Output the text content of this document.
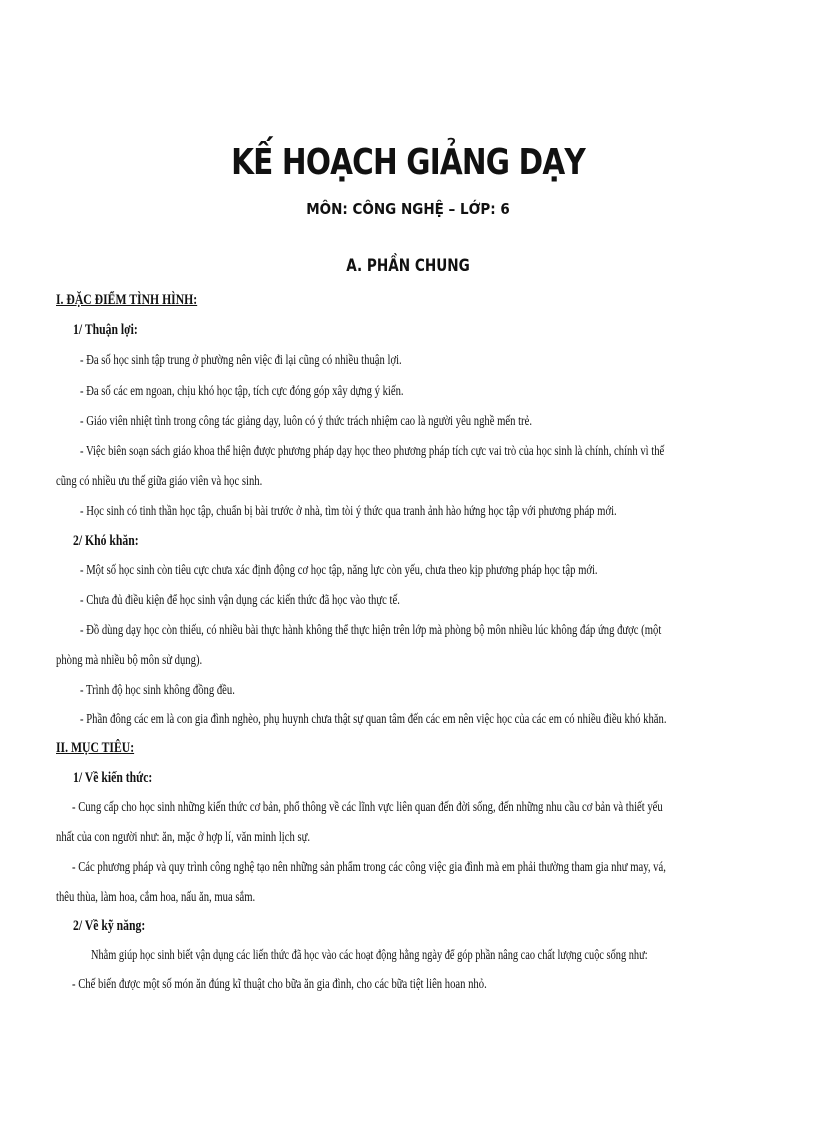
KẾ HOẠCH GIẢNG DẠY
MÔN: CÔNG NGHỆ – LỚP: 6
A. PHẦN CHUNG
I. ĐẶC ĐIỂM TÌNH HÌNH:
1/ Thuận lợi:
- Đa số học sinh tập trung ở phường nên việc đi lại cũng có nhiều thuận lợi.
- Đa số các em ngoan, chịu khó học tập, tích cực đóng góp xây dựng ý kiến.
- Giáo viên nhiệt tình trong công tác giảng dạy, luôn có ý thức trách nhiệm cao là người yêu nghề mến trẻ.
- Việc biên soạn sách giáo khoa thể hiện được phương pháp dạy học theo phương pháp tích cực vai trò của học sinh là chính, chính vì thế
cũng có nhiều ưu thế giữa giáo viên và học sinh.
- Học sinh có tinh thần học tập, chuẩn bị bài trước ở nhà, tìm tòi ý thức qua tranh ảnh hào hứng học tập với phương pháp mới.
2/ Khó khăn:
- Một số học sinh còn tiêu cực chưa xác định động cơ học tập, năng lực còn yếu, chưa theo kịp phương pháp học tập mới.
- Chưa đủ điều kiện để học sinh vận dụng các kiến thức đã học vào thực tế.
- Đồ dùng dạy học còn thiếu, có nhiều bài thực hành không thể thực hiện trên lớp mà phòng bộ môn nhiều lúc không đáp ứng được (một
phòng mà nhiều bộ môn sử dụng).
- Trình độ học sinh không đồng đều.
- Phần đông các em là con gia đình nghèo, phụ huynh chưa thật sự quan tâm đến các em nên việc học của các em có nhiều điều khó khăn.
II. MỤC TIÊU:
1/ Về kiến thức:
- Cung cấp cho học sinh những kiến thức cơ bản, phổ thông về các lĩnh vực liên quan đến đời sống, đến những nhu cầu cơ bản và thiết yếu
nhất của con người như: ăn, mặc ở hợp lí, văn minh lịch sự.
- Các phương pháp và quy trình công nghệ tạo nên những sản phẩm trong các công việc gia đình mà em phải thường tham gia như may, vá,
thêu thùa, làm hoa, cắm hoa, nấu ăn, mua sắm.
2/ Về kỹ năng:
Nhằm giúp học sinh biết vận dụng các liến thức đã học vào các hoạt động hằng ngày để góp phần nâng cao chất lượng cuộc sống như:
- Chế biến được một số món ăn đúng kĩ thuật cho bữa ăn gia đình, cho các bữa tiệt liên hoan nhỏ.
